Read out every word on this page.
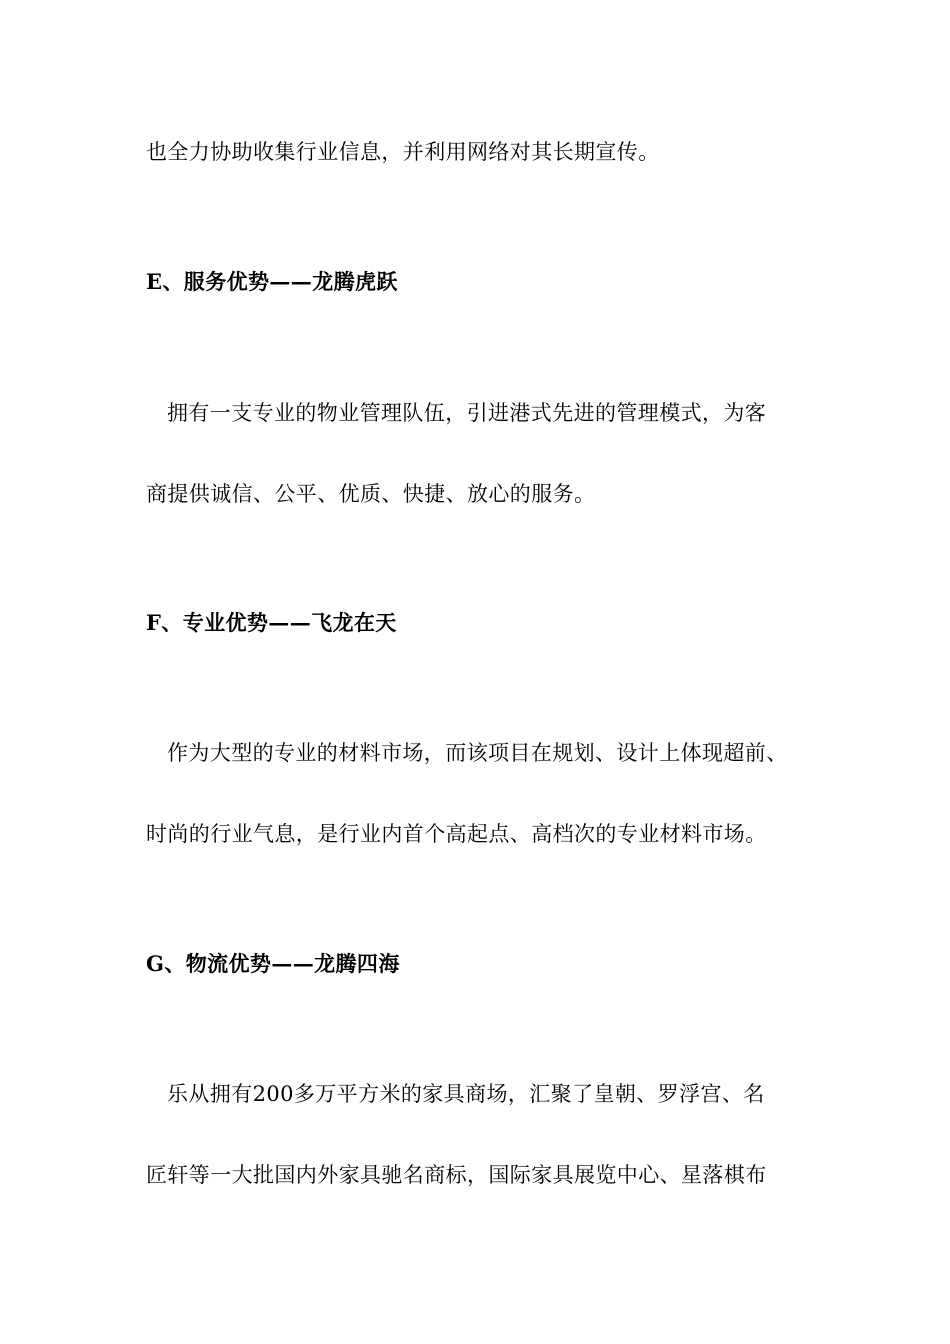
也全力协助收集行业信息，并利用网络对其长期宣传。
E、服务优势——龙腾虎跃
拥有一支专业的物业管理队伍，引进港式先进的管理模式，为客
商提供诚信、公平、优质、快捷、放心的服务。
F、专业优势——飞龙在天
作为大型的专业的材料市场，而该项目在规划、设计上体现超前、
时尚的行业气息，是行业内首个高起点、高档次的专业材料市场。
G、物流优势——龙腾四海
乐从拥有200多万平方米的家具商场，汇聚了皇朝、罗浮宫、名
匠轩等一大批国内外家具驰名商标，国际家具展览中心、星落棋布
